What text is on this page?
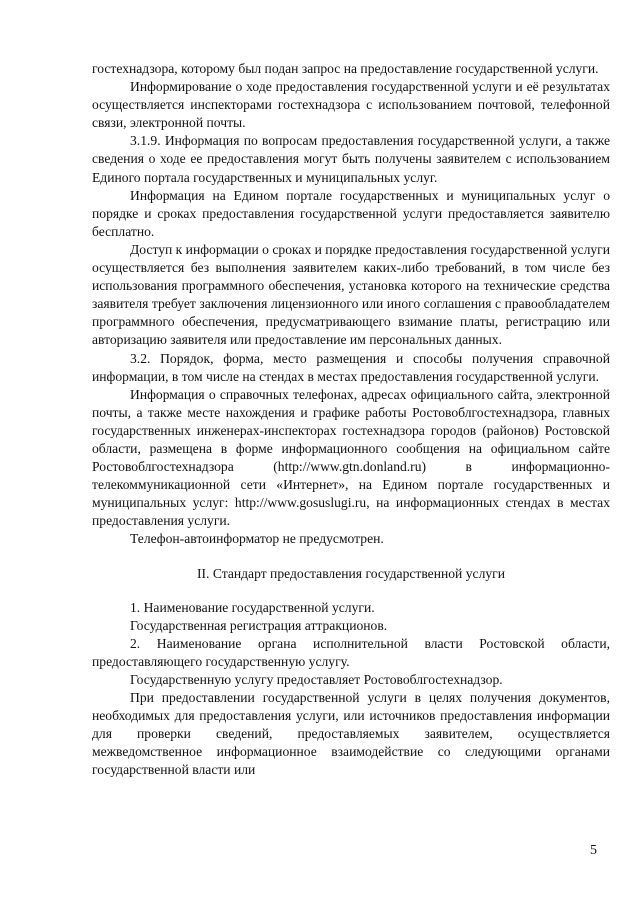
гостехнадзора, которому был подан запрос на предоставление государственной услуги.

Информирование о ходе предоставления государственной услуги и её результатах осуществляется инспекторами гостехнадзора с использованием почтовой, телефонной связи, электронной почты.

3.1.9. Информация по вопросам предоставления государственной услуги, а также сведения о ходе ее предоставления могут быть получены заявителем с использованием Единого портала государственных и муниципальных услуг.

Информация на Едином портале государственных и муниципальных услуг о порядке и сроках предоставления государственной услуги предоставляется заявителю бесплатно.

Доступ к информации о сроках и порядке предоставления государственной услуги осуществляется без выполнения заявителем каких-либо требований, в том числе без использования программного обеспечения, установка которого на технические средства заявителя требует заключения лицензионного или иного соглашения с правообладателем программного обеспечения, предусматривающего взимание платы, регистрацию или авторизацию заявителя или предоставление им персональных данных.

3.2. Порядок, форма, место размещения и способы получения справочной информации, в том числе на стендах в местах предоставления государственной услуги.

Информация о справочных телефонах, адресах официального сайта, электронной почты, а также месте нахождения и графике работы Ростовоблгостехнадзора, главных государственных инженерах-инспекторах гостехнадзора городов (районов) Ростовской области, размещена в форме информационного сообщения на официальном сайте Ростовоблгостехнадзора (http://www.gtn.donland.ru) в информационно-телекоммуникационной сети «Интернет», на Едином портале государственных и муниципальных услуг: http://www.gosuslugi.ru, на информационных стендах в местах предоставления услуги.

Телефон-автоинформатор не предусмотрен.

II. Стандарт предоставления государственной услуги

1. Наименование государственной услуги.

Государственная регистрация аттракционов.

2. Наименование органа исполнительной власти Ростовской области, предоставляющего государственную услугу.

Государственную услугу предоставляет Ростовоблгостехнадзор.

При предоставлении государственной услуги в целях получения документов, необходимых для предоставления услуги, или источников предоставления информации для проверки сведений, предоставляемых заявителем, осуществляется межведомственное информационное взаимодействие со следующими органами государственной власти или

5
